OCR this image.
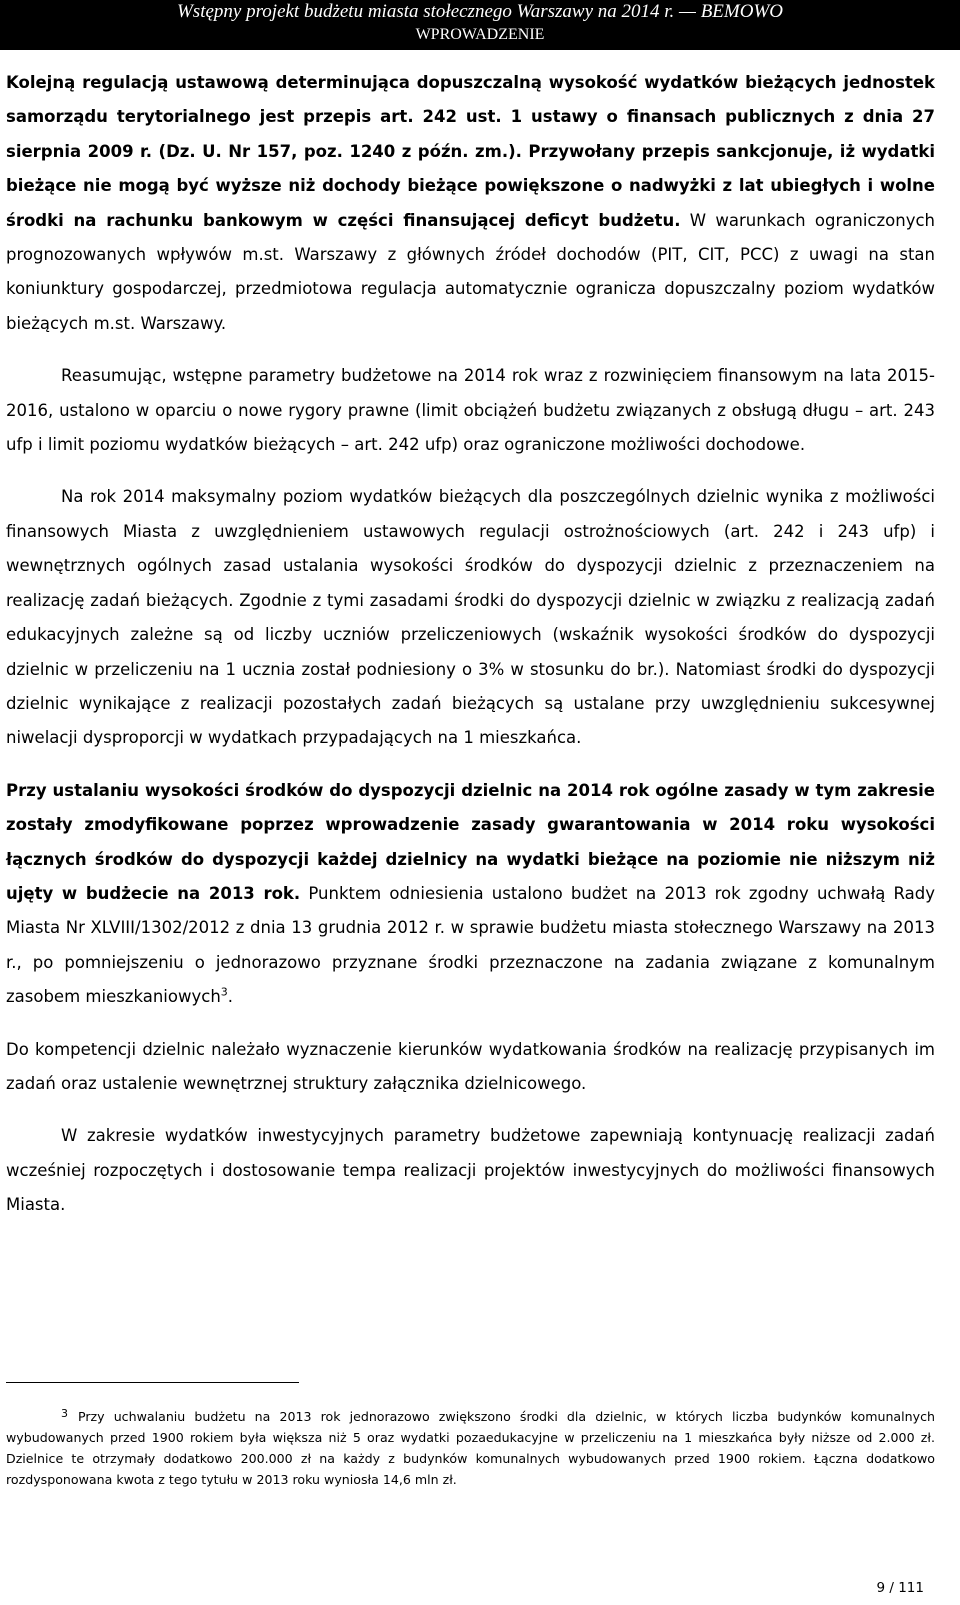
Wstępny projekt budżetu miasta stołecznego Warszawy na 2014 r. — BEMOWO
WPROWADZENIE

Kolejną regulacją ustawową determinująca dopuszczalną wysokość wydatków bieżących jednostek samorządu terytorialnego jest przepis art. 242 ust. 1 ustawy o finansach publicznych z dnia 27 sierpnia 2009 r. (Dz. U. Nr 157, poz. 1240 z późn. zm.). Przywołany przepis sankcjonuje, iż wydatki bieżące nie mogą być wyższe niż dochody bieżące powiększone o nadwyżki z lat ubiegłych i wolne środki na rachunku bankowym w części finansującej deficyt budżetu. W warunkach ograniczonych prognozowanych wpływów m.st. Warszawy z głównych źródeł dochodów (PIT, CIT, PCC) z uwagi na stan koniunktury gospodarczej, przedmiotowa regulacja automatycznie ogranicza dopuszczalny poziom wydatków bieżących m.st. Warszawy.

Reasumując, wstępne parametry budżetowe na 2014 rok wraz z rozwinięciem finansowym na lata 2015-2016, ustalono w oparciu o nowe rygory prawne (limit obciążeń budżetu związanych z obsługą długu – art. 243 ufp i limit poziomu wydatków bieżących – art. 242 ufp) oraz ograniczone możliwości dochodowe.

Na rok 2014 maksymalny poziom wydatków bieżących dla poszczególnych dzielnic wynika z możliwości finansowych Miasta z uwzględnieniem ustawowych regulacji ostrożnościowych (art. 242 i 243 ufp) i wewnętrznych ogólnych zasad ustalania wysokości środków do dyspozycji dzielnic z przeznaczeniem na realizację zadań bieżących. Zgodnie z tymi zasadami środki do dyspozycji dzielnic w związku z realizacją zadań edukacyjnych zależne są od liczby uczniów przeliczeniowych (wskaźnik wysokości środków do dyspozycji dzielnic w przeliczeniu na 1 ucznia został podniesiony o 3% w stosunku do br.). Natomiast środki do dyspozycji dzielnic wynikające z realizacji pozostałych zadań bieżących są ustalane przy uwzględnieniu sukcesywnej niwelacji dysproporcji w wydatkach przypadających na 1 mieszkańca.

Przy ustalaniu wysokości środków do dyspozycji dzielnic na 2014 rok ogólne zasady w tym zakresie zostały zmodyfikowane poprzez wprowadzenie zasady gwarantowania w 2014 roku wysokości łącznych środków do dyspozycji każdej dzielnicy na wydatki bieżące na poziomie nie niższym niż ujęty w budżecie na 2013 rok. Punktem odniesienia ustalono budżet na 2013 rok zgodny uchwałą Rady Miasta Nr XLVIII/1302/2012 z dnia 13 grudnia 2012 r. w sprawie budżetu miasta stołecznego Warszawy na 2013 r., po pomniejszeniu o jednorazowo przyznane środki przeznaczone na zadania związane z komunalnym zasobem mieszkaniowych$^3$.

Do kompetencji dzielnic należało wyznaczenie kierunków wydatkowania środków na realizację przypisanych im zadań oraz ustalenie wewnętrznej struktury załącznika dzielnicowego.

W zakresie wydatków inwestycyjnych parametry budżetowe zapewniają kontynuację realizacji zadań wcześniej rozpoczętych i dostosowanie tempa realizacji projektów inwestycyjnych do możliwości finansowych Miasta.

3 Przy uchwalaniu budżetu na 2013 rok jednorazowo zwiększono środki dla dzielnic, w których liczba budynków komunalnych wybudowanych przed 1900 rokiem była większa niż 5 oraz wydatki pozaedukacyjne w przeliczeniu na 1 mieszkańca były niższe od 2.000 zł. Dzielnice te otrzymały dodatkowo 200.000 zł na każdy z budynków komunalnych wybudowanych przed 1900 rokiem. Łączna dodatkowo rozdysponowana kwota z tego tytułu w 2013 roku wyniosła 14,6 mln zł.
9 / 111
